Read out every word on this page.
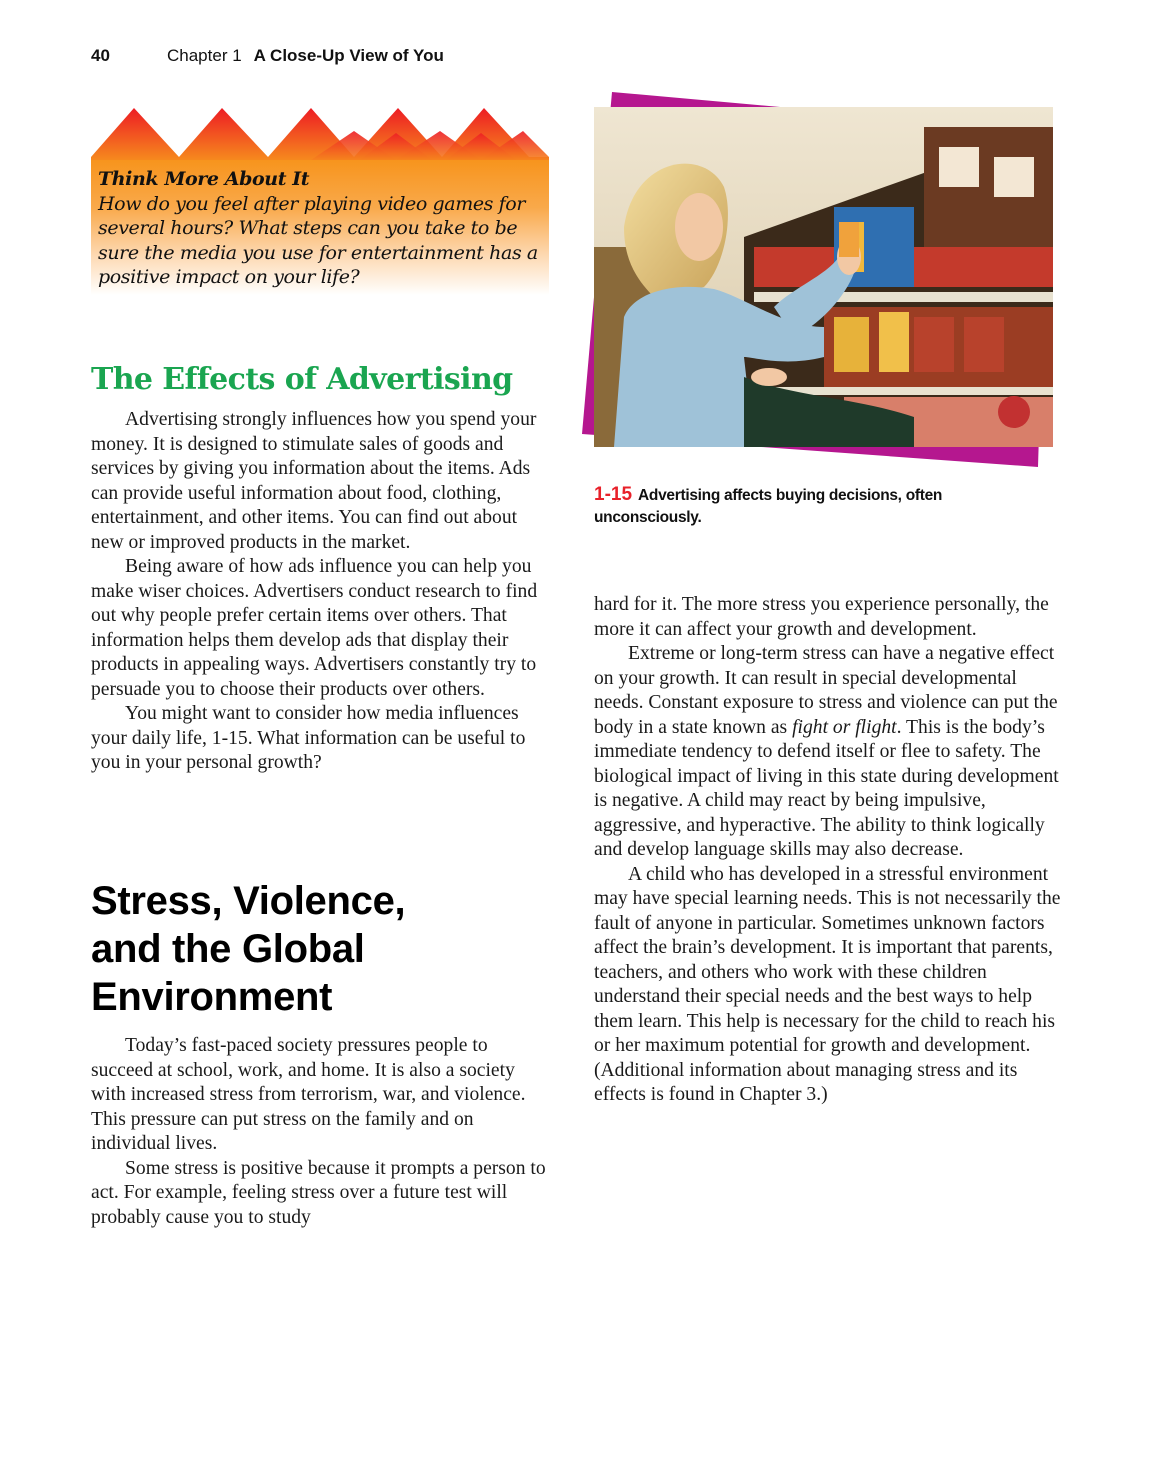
40	Chapter 1 A Close-Up View of You
Think More About It
How do you feel after playing video games for several hours? What steps can you take to be sure the media you use for entertainment has a positive impact on your life?
The Effects of Advertising

Advertising strongly influences how you spend your money. It is designed to stimulate sales of goods and services by giving you information about the items. Ads can provide useful information about food, clothing, entertainment, and other items. You can find out about new or improved products in the market.

Being aware of how ads influence you can help you make wiser choices. Advertisers conduct research to find out why people prefer certain items over others. That information helps them develop ads that display their products in appealing ways. Advertisers constantly try to persuade you to choose their products over others.

You might want to consider how media influences your daily life, 1-15. What information can be useful to you in your personal growth?

Stress, Violence,
and the Global
Environment

Today’s fast-paced society pressures people to succeed at school, work, and home. It is also a society with increased stress from terrorism, war, and violence. This pressure can put stress on the family and on individual lives.

Some stress is positive because it prompts a person to act. For example, feeling stress over a future test will probably cause you to study

1-15 Advertising affects buying decisions, often unconsciously.

hard for it. The more stress you experience personally, the more it can affect your growth and development.

Extreme or long-term stress can have a negative effect on your growth. It can result in special developmental needs. Constant exposure to stress and violence can put the body in a state known as fight or flight. This is the body’s immediate tendency to defend itself or flee to safety. The biological impact of living in this state during development is negative. A child may react by being impulsive, aggressive, and hyperactive. The ability to think logically and develop language skills may also decrease.

A child who has developed in a stressful environment may have special learning needs. This is not necessarily the fault of anyone in particular. Sometimes unknown factors affect the brain’s development. It is important that parents, teachers, and others who work with these children understand their special needs and the best ways to help them learn. This help is necessary for the child to reach his or her maximum potential for growth and development. (Additional information about managing stress and its effects is found in Chapter 3.)
